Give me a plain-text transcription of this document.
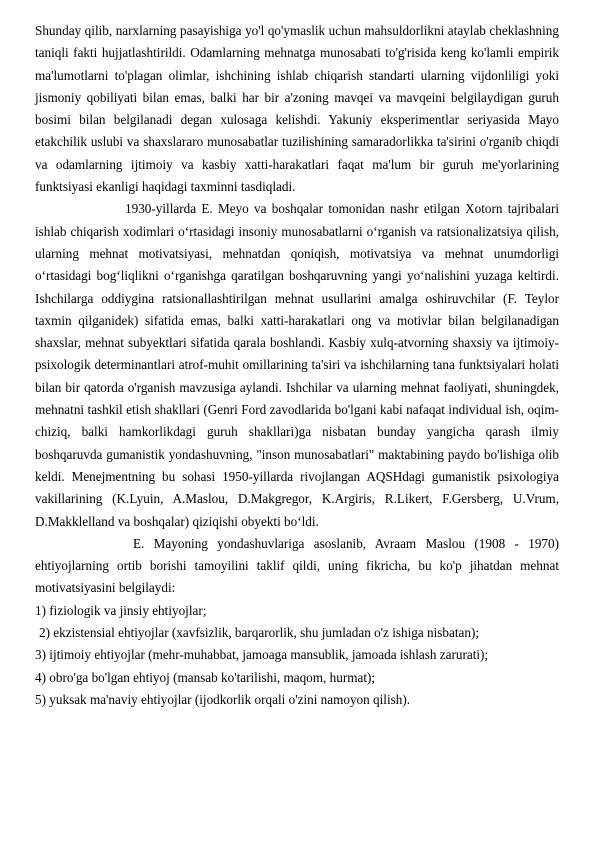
Shunday qilib, narxlarning pasayishiga yo'l qo'ymaslik uchun mahsuldorlikni ataylab cheklashning taniqli fakti hujjatlashtirildi. Odamlarning mehnatga munosabati to'g'risida keng ko'lamli empirik ma'lumotlarni to'plagan olimlar, ishchining ishlab chiqarish standarti ularning vijdonliligi yoki jismoniy qobiliyati bilan emas, balki har bir a'zoning mavqei va mavqeini belgilaydigan guruh bosimi bilan belgilanadi degan xulosaga kelishdi. Yakuniy eksperimentlar seriyasida Mayo etakchilik uslubi va shaxslararo munosabatlar tuzilishining samaradorlikka ta'sirini o'rganib chiqdi va odamlarning ijtimoiy va kasbiy xatti-harakatlari faqat ma'lum bir guruh me'yorlarining funktsiyasi ekanligi haqidagi taxminni tasdiqladi.

1930-yillarda E. Meyo va boshqalar tomonidan nashr etilgan Xotorn tajribalari ishlab chiqarish xodimlari oʻrtasidagi insoniy munosabatlarni oʻrganish va ratsionalizatsiya qilish, ularning mehnat motivatsiyasi, mehnatdan qoniqish, motivatsiya va mehnat unumdorligi oʻrtasidagi bogʻliqlikni oʻrganishga qaratilgan boshqaruvning yangi yoʻnalishini yuzaga keltirdi. Ishchilarga oddiygina ratsionallashtirilgan mehnat usullarini amalga oshiruvchilar (F. Teylor taxmin qilganidek) sifatida emas, balki xatti-harakatlari ong va motivlar bilan belgilanadigan shaxslar, mehnat subyektlari sifatida qarala boshlandi. Kasbiy xulq-atvorning shaxsiy va ijtimoiy-psixologik determinantlari atrof-muhit omillarining ta'siri va ishchilarning tana funktsiyalari holati bilan bir qatorda o'rganish mavzusiga aylandi. Ishchilar va ularning mehnat faoliyati, shuningdek, mehnatni tashkil etish shakllari (Genri Ford zavodlarida bo'lgani kabi nafaqat individual ish, oqim-chiziq, balki hamkorlikdagi guruh shakllari)ga nisbatan bunday yangicha qarash ilmiy boshqaruvda gumanistik yondashuvning, "inson munosabatlari" maktabining paydo bo'lishiga olib keldi. Menejmentning bu sohasi 1950-yillarda rivojlangan AQSHdagi gumanistik psixologiya vakillarining (K.Lyuin, A.Maslou, D.Makgregor, K.Argiris, R.Likert, F.Gersberg, U.Vrum, D.Makklelland va boshqalar) qiziqishi obyekti boʻldi.

E. Mayoning yondashuvlariga asoslanib, Avraam Maslou (1908 - 1970) ehtiyojlarning ortib borishi tamoyilini taklif qildi, uning fikricha, bu ko'p jihatdan mehnat motivatsiyasini belgilaydi:

1) fiziologik va jinsiy ehtiyojlar;
2) ekzistensial ehtiyojlar (xavfsizlik, barqarorlik, shu jumladan o'z ishiga nisbatan);
3) ijtimoiy ehtiyojlar (mehr-muhabbat, jamoaga mansublik, jamoada ishlash zarurati);
4) obro'ga bo'lgan ehtiyoj (mansab ko'tarilishi, maqom, hurmat);
5) yuksak ma'naviy ehtiyojlar (ijodkorlik orqali o'zini namoyon qilish).
